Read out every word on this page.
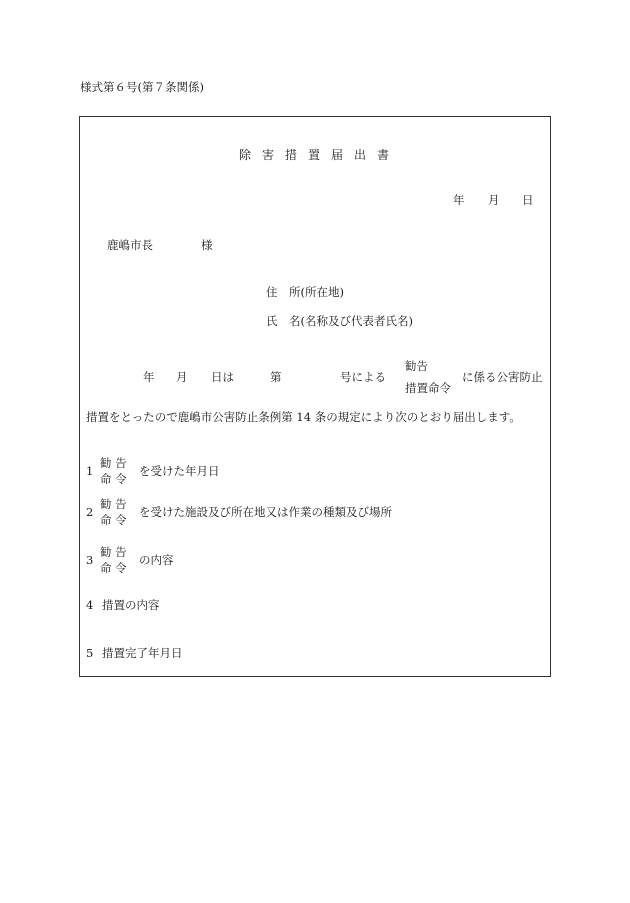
様式第６号(第７条関係)
除 害 措 置 届 出 書
年 月 日
鹿嶋市長	様
住　所(所在地)
氏　名(名称及び代表者氏名)
年 月 日は	第	号による
勧告
措置命令
に係る公害防止
措置をとったので鹿嶋市公害防止条例第 14 条の規定により次のとおり届出します。
1
勧 告
命 令
を受けた年月日
2
勧 告
命 令
を受けた施設及び所在地又は作業の種類及び場所
3
勧 告
命 令
の内容
4 措置の内容
5 措置完了年月日
